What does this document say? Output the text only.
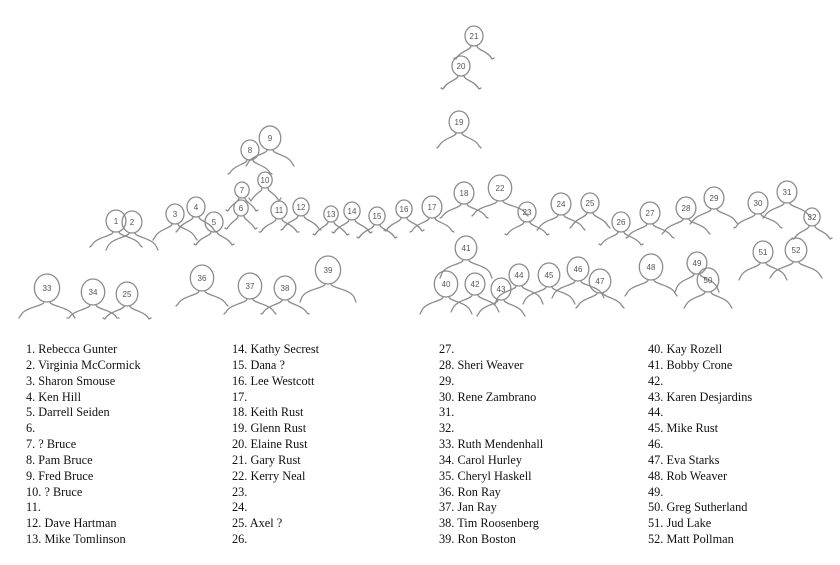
1 2
3
4
5
6
7
8
9
10
11 12
13 14
15
16 17
18
19
20
21
22
23
24	25
26
27
28
29
30
31
32
33	34	25
36
37	38
39
40
41
42
43
44	45
46
47
48	49
50
51	52
1. Rebecca Gunter
2. Virginia McCormick
3. Sharon Smouse
4. Ken Hill
5. Darrell Seiden
6.
7. ? Bruce
8. Pam Bruce
9. Fred Bruce
10. ? Bruce
11.
12. Dave Hartman
13. Mike Tomlinson
14. Kathy Secrest
15. Dana ?
16. Lee Westcott
17.
18. Keith Rust
19. Glenn Rust
20. Elaine Rust
21. Gary Rust
22. Kerry Neal
23.
24.
25. Axel ?
26.
27.
28. Sheri Weaver
29.
30. Rene Zambrano
31.
32.
33. Ruth Mendenhall
34. Carol Hurley
35. Cheryl Haskell
36. Ron Ray
37. Jan Ray
38. Tim Roosenberg
39. Ron Boston
40. Kay Rozell
41. Bobby Crone
42.
43. Karen Desjardins
44.
45. Mike Rust
46.
47. Eva Starks
48. Rob Weaver
49.
50. Greg Sutherland
51. Jud Lake
52. Matt Pollman
